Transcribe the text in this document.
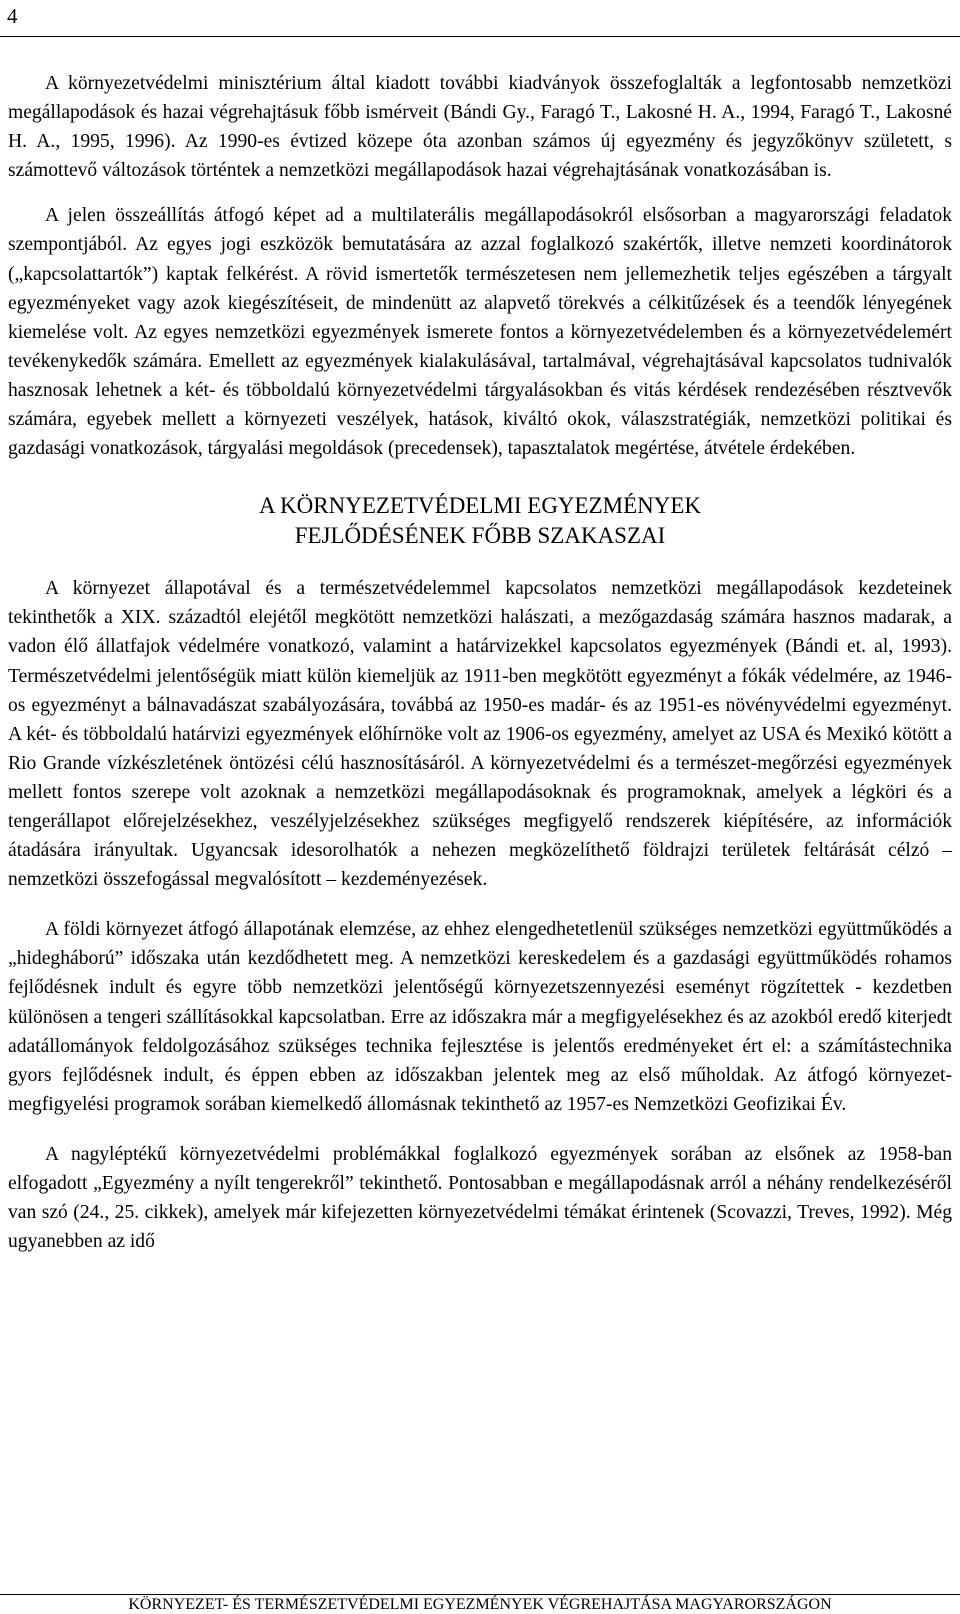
4

A környezetvédelmi minisztérium által kiadott további kiadványok összefoglalták a legfontosabb nemzetközi megállapodások és hazai végrehajtásuk főbb ismérveit (Bándi Gy., Faragó T., Lakosné H. A., 1994, Faragó T., Lakosné H. A., 1995, 1996). Az 1990-es évtized közepe óta azonban számos új egyezmény és jegyzőkönyv született, s számottevő változások történtek a nemzetközi megállapodások hazai végrehajtásának vonatkozásában is.

A jelen összeállítás átfogó képet ad a multilaterális megállapodásokról elsősorban a magyarországi feladatok szempontjából. Az egyes jogi eszközök bemutatására az azzal foglalkozó szakértők, illetve nemzeti koordinátorok („kapcsolattartók”) kaptak felkérést. A rövid ismertetők természetesen nem jellemezhetik teljes egészében a tárgyalt egyezményeket vagy azok kiegészítéseit, de mindenütt az alapvető törekvés a célkitűzések és a teendők lényegének kiemelése volt. Az egyes nemzetközi egyezmények ismerete fontos a környezetvédelemben és a környezetvédelemért tevékenykedők számára. Emellett az egyezmények kialakulásával, tartalmával, végrehajtásával kapcsolatos tudnivalók hasznosak lehetnek a két- és többoldalú környezetvédelmi tárgyalásokban és vitás kérdések rendezésében résztvevők számára, egyebek mellett a környezeti veszélyek, hatások, kiváltó okok, válaszstratégiák, nemzetközi politikai és gazdasági vonatkozások, tárgyalási megoldások (precedensek), tapasztalatok megértése, átvétele érdekében.

A KÖRNYEZETVÉDELMI EGYEZMÉNYEK
FEJLŐDÉSÉNEK FŐBB SZAKASZAI

A környezet állapotával és a természetvédelemmel kapcsolatos nemzetközi megállapodások kezdeteinek tekinthetők a XIX. századtól elejétől megkötött nemzetközi halászati, a mezőgazdaság számára hasznos madarak, a vadon élő állatfajok védelmére vonatkozó, valamint a határvizekkel kapcsolatos egyezmények (Bándi et. al, 1993). Természetvédelmi jelentőségük miatt külön kiemeljük az 1911-ben megkötött egyezményt a fókák védelmére, az 1946-os egyezményt a bálnavadászat szabályozására, továbbá az 1950-es madár- és az 1951-es növényvédelmi egyezményt. A két- és többoldalú határvizi egyezmények előhírnöke volt az 1906-os egyezmény, amelyet az USA és Mexikó kötött a Rio Grande vízkészletének öntözési célú hasznosításáról. A környezetvédelmi és a természet-megőrzési egyezmények mellett fontos szerepe volt azoknak a nemzetközi megállapodásoknak és programoknak, amelyek a légköri és a tengerállapot előrejelzésekhez, veszélyjelzésekhez szükséges megfigyelő rendszerek kiépítésére, az információk átadására irányultak. Ugyancsak idesorolhatók a nehezen megközelíthető földrajzi területek feltárását célzó – nemzetközi összefogással megvalósított – kezdeményezések.

A földi környezet átfogó állapotának elemzése, az ehhez elengedhetetlenül szükséges nemzetközi együttműködés a „hidegháború” időszaka után kezdődhetett meg. A nemzetközi kereskedelem és a gazdasági együttműködés rohamos fejlődésnek indult és egyre több nemzetközi jelentőségű környezetszennyezési eseményt rögzítettek - kezdetben különösen a tengeri szállításokkal kapcsolatban. Erre az időszakra már a megfigyelésekhez és az azokból eredő kiterjedt adatállományok feldolgozásához szükséges technika fejlesztése is jelentős eredményeket ért el: a számítástechnika gyors fejlődésnek indult, és éppen ebben az időszakban jelentek meg az első műholdak. Az átfogó környezet-megfigyelési programok sorában kiemelkedő állomásnak tekinthető az 1957-es Nemzetközi Geofizikai Év.

A nagyléptékű környezetvédelmi problémákkal foglalkozó egyezmények sorában az elsőnek az 1958-ban elfogadott „Egyezmény a nyílt tengerekről” tekinthető. Pontosabban e megállapodásnak arról a néhány rendelkezéséről van szó (24., 25. cikkek), amelyek már kifejezetten környezetvédelmi témákat érintenek (Scovazzi, Treves, 1992). Még ugyanebben az idő

KÖRNYEZET- ÉS TERMÉSZETVÉDELMI EGYEZMÉNYEK VÉGREHAJTÁSA MAGYARORSZÁGON
